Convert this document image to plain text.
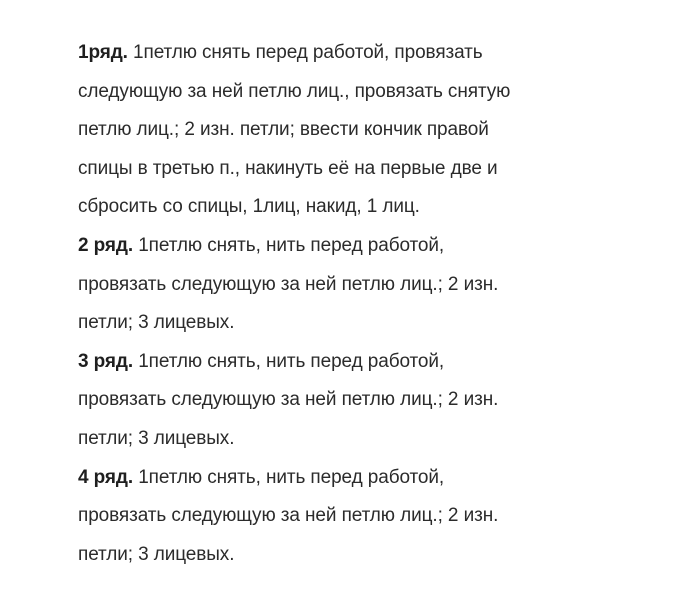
1ряд. 1петлю снять перед работой, провязать
следующую за ней петлю лиц., провязать снятую
петлю лиц.; 2 изн. петли; ввести кончик правой
спицы в третью п., накинуть её на первые две и
сбросить со спицы, 1лиц, накид, 1 лиц.
2 ряд. 1петлю снять, нить перед работой,
провязать следующую за ней петлю лиц.; 2 изн.
петли; 3 лицевых.
3 ряд. 1петлю снять, нить перед работой,
провязать следующую за ней петлю лиц.; 2 изн.
петли; 3 лицевых.
4 ряд. 1петлю снять, нить перед работой,
провязать следующую за ней петлю лиц.; 2 изн.
петли; 3 лицевых.
